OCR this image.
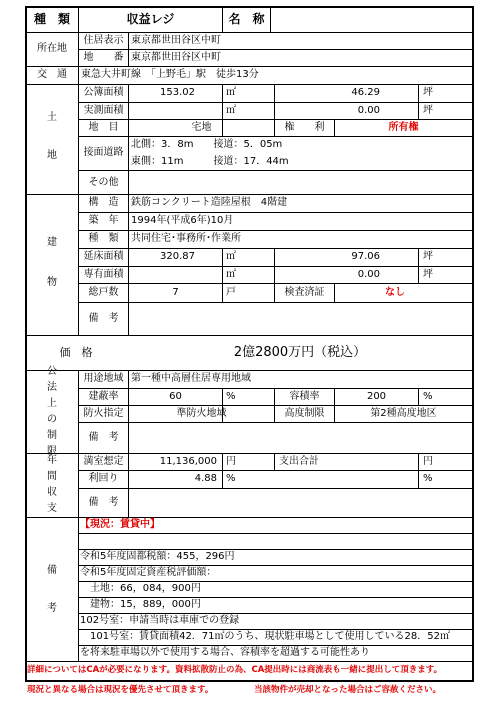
種　類	収益レジ	名　称
所在地
住居表示 東京都世田谷区中町
地　　番 東京都世田谷区中町
交　通	東急大井町線　「上野毛」駅　徒歩13分
土
地
公簿面積	153.02	㎡	46.29	坪
実測面積	㎡	0.00	坪
地　目	宅地	権　　利	所有権
接面道路
北側：3．8m　　接道：5．05m
東側：11m　　　接道：17．44m
その他
建
物
構　造	鉄筋コンクリート造陸屋根　4階建
築　年	1994年(平成6年)10月
種　類	共同住宅･事務所･作業所
延床面積	320.87	㎡	97.06	坪
専有面積	㎡	0.00	坪
総戸数	7	戸	検査済証	なし
備　考
価　格	2億2800万円（税込）
公
法
上
の
制
限
用途地域 第一種中高層住居専用地域
建蔽率	60	%	容積率	200	%
防火指定	準防火地域	高度制限	第2種高度地区
備　考
年
間
収
支
満室想定	11,136,000 円	支出合計	円
利回り	4.88 %	%
備　考
備
考
【現況：賃貸中】
令和5年度固都税額：455，296円
令和5年度固定資産税評価額：
　土地：66，084，900円
　建物：15，889，000円
102号室：申請当時は車庫での登録
　101号室：賃貸面積42．71㎡のうち、現状駐車場として使用している28．52㎡
を将来駐車場以外で使用する場合、容積率を超過する可能性あり
詳細についてはCAが必要になります。資料拡散防止の為、CA提出時には商流表も一緒に提出して頂きます。
現況と異なる場合は現況を優先させて頂きます。	当該物件が売却となった場合はご容赦ください。
